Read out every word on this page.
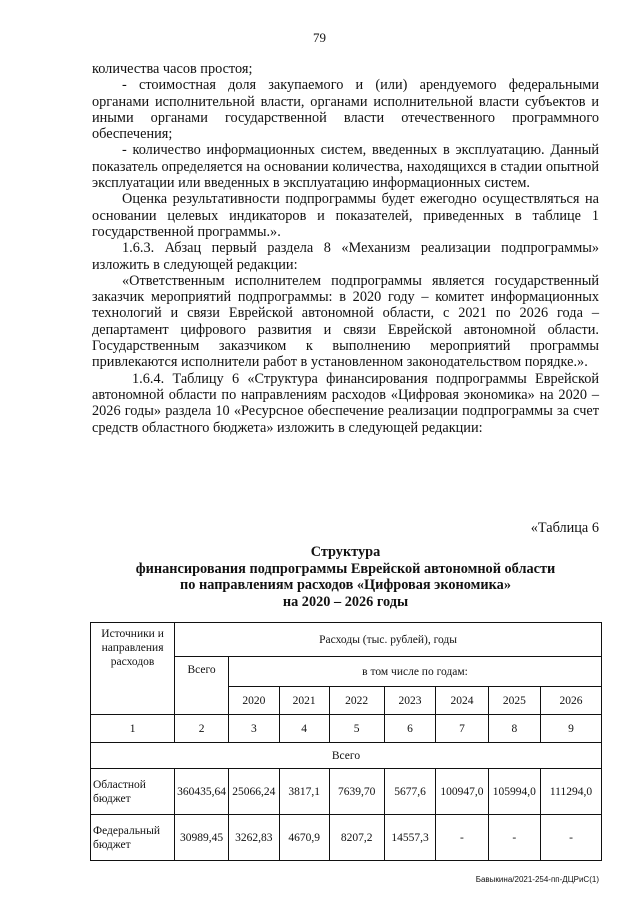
79

количества часов простоя;

- стоимостная доля закупаемого и (или) арендуемого федеральными органами исполнительной власти, органами исполнительной власти субъектов и иными органами государственной власти отечественного программного обеспечения;

- количество информационных систем, введенных в эксплуатацию. Данный показатель определяется на основании количества, находящихся в стадии опытной эксплуатации или введенных в эксплуатацию информационных систем.

Оценка результативности подпрограммы будет ежегодно осуществляться на основании целевых индикаторов и показателей, приведенных в таблице 1 государственной программы.».

1.6.3. Абзац первый раздела 8 «Механизм реализации подпрограммы» изложить в следующей редакции:

«Ответственным исполнителем подпрограммы является государственный заказчик мероприятий подпрограммы: в 2020 году – комитет информационных технологий и связи Еврейской автономной области, с 2021 по 2026 года – департамент цифрового развития и связи Еврейской автономной области. Государственным заказчиком к выполнению мероприятий программы привлекаются исполнители работ в установленном законодательством порядке.».

1.6.4. Таблицу 6 «Структура финансирования подпрограммы Еврейской автономной области по направлениям расходов «Цифровая экономика» на 2020 – 2026 годы» раздела 10 «Ресурсное обеспечение реализации подпрограммы за счет средств областного бюджета» изложить в следующей редакции:

«Таблица 6
Структура
финансирования подпрограммы Еврейской автономной области
по направлениям расходов «Цифровая экономика»
на 2020 – 2026 годы
Источники и направления расходов	Расходы (тыс. рублей), годы							
	Всего	в том числе по годам:						
		2020	2021	2022	2023	2024	2025	2026
1	2	3	4	5	6	7	8	9
Всего								
Областной бюджет	360435,64	25066,24	3817,1	7639,70	5677,6	100947,0	105994,0	111294,0
Федеральный бюджет	30989,45	3262,83	4670,9	8207,2	14557,3	-	-	-
Бавыкина/2021-254-пп-ДЦРиС(1)
